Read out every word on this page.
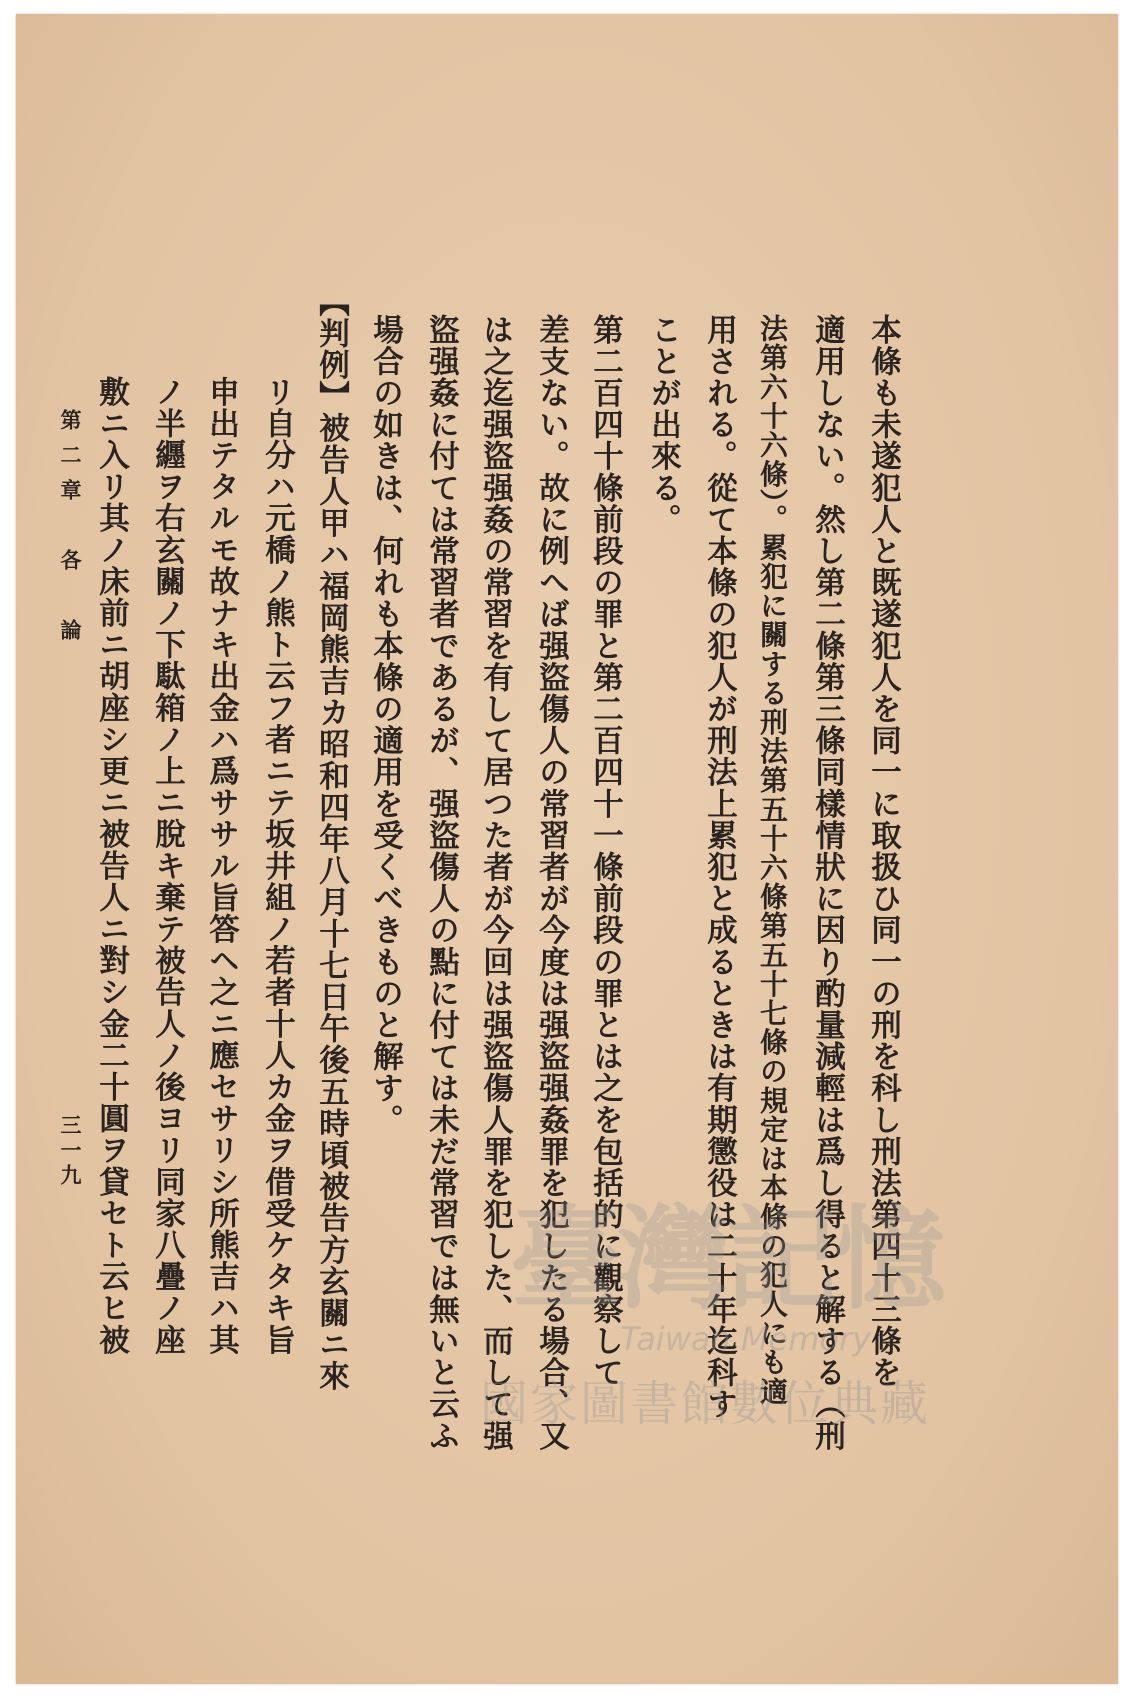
本條も未遂犯人と既遂犯人を同一に取扱ひ同一の刑を科し刑法第四十三條を
適用しない。然し第二條第三條同樣情狀に因り酌量減輕は爲し得ると解する（刑
法第六十六條）。累犯に關する刑法第五十六條第五十七條の規定は本條の犯人にも適
用される。從て本條の犯人が刑法上累犯と成るときは有期懲役は二十年迄科す
ことが出來る。
第二百四十條前段の罪と第二百四十一條前段の罪とは之を包括的に觀察して
差支ない。故に例へば强盜傷人の常習者が今度は强盜强姦罪を犯したる場合、又
は之迄强盜强姦の常習を有して居つた者が今回は强盜傷人罪を犯した、而して强
盜强姦に付ては常習者であるが、强盜傷人の點に付ては未だ常習では無いと云ふ
場合の如きは、何れも本條の適用を受くべきものと解す。
【判例】被告人甲ハ福岡熊吉カ昭和四年八月十七日午後五時頃被告方玄關ニ來
リ自分ハ元橋ノ熊ト云フ者ニテ坂井組ノ若者十人カ金ヲ借受ケタキ旨
申出テタルモ故ナキ出金ハ爲ササル旨答ヘ之ニ應セサリシ所熊吉ハ其
ノ半纒ヲ右玄關ノ下駄箱ノ上ニ脫キ棄テ被告人ノ後ヨリ同家八疊ノ座
敷ニ入リ其ノ床前ニ胡座シ更ニ被告人ニ對シ金二十圓ヲ貸セト云ヒ被
第二章　各　論
三一九
臺灣記憶
Taiwan Memory
國家圖書館數位典藏
